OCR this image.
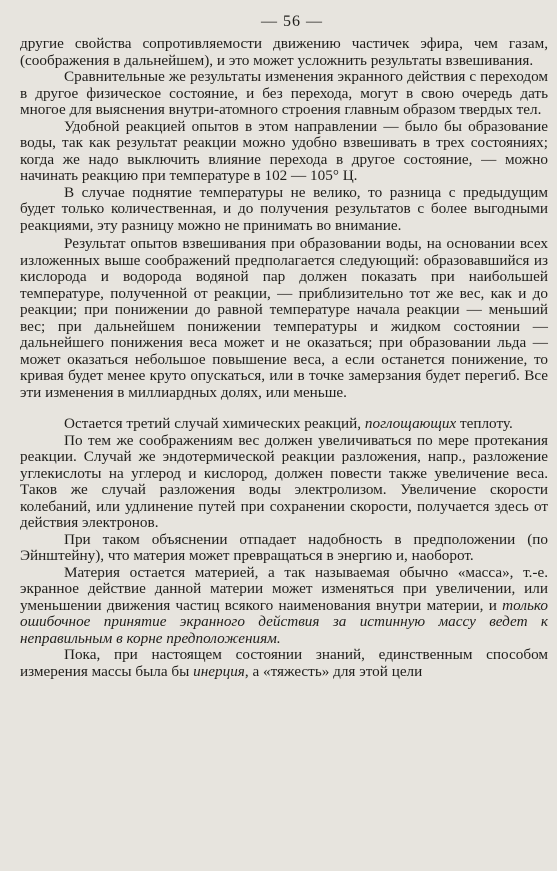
— 56 —

другие свойства сопротивляемости движению частичек эфира, чем газам, (соображения в дальнейшем), и это может усложнить результаты взвешивания.

Сравнительные же результаты изменения экранного действия с переходом в другое физическое состояние, и без перехода, могут в свою очередь дать многое для выяснения внутри-атомного строения главным образом твердых тел.

Удобной реакцией опытов в этом направлении — было бы образование воды, так как результат реакции можно удобно взвешивать в трех состояниях; когда же надо выключить влияние перехода в другое состояние, — можно начинать реакцию при температуре в 102 — 105° Ц.

В случае поднятие температуры не велико, то разница с предыдущим будет только количественная, и до получения результатов с более выгодными реакциями, эту разницу можно не принимать во внимание.

Результат опытов взвешивания при образовании воды, на основании всех изложенных выше соображений предполагается следующий: образовавшийся из кислорода и водорода водяной пар должен показать при наибольшей температуре, полученной от реакции, — приблизительно тот же вес, как и до реакции; при понижении до равной температуре начала реакции — меньший вес; при дальнейшем понижении температуры и жидком состоянии — дальнейшего понижения веса может и не оказаться; при образовании льда — может оказаться небольшое повышение веса, а если останется понижение, то кривая будет менее круто опускаться, или в точке замерзания будет перегиб. Все эти изменения в миллиардных долях, или меньше.

Остается третий случай химических реакций, поглощающих теплоту.

По тем же соображениям вес должен увеличиваться по мере протекания реакции. Случай же эндотермической реакции разложения, напр., разложение углекислоты на углерод и кислород, должен повести также увеличение веса. Таков же случай разложения воды электролизом. Увеличение скорости колебаний, или удлинение путей при сохранении скорости, получается здесь от действия электронов.

При таком объяснении отпадает надобность в предположении (по Эйнштейну), что материя может превращаться в энергию и, наоборот.

Материя остается материей, а так называемая обычно «масса», т.-е. экранное действие данной материи может изменяться при увеличении, или уменьшении движения частиц всякого наименования внутри материи, и только ошибочное принятие экранного действия за истинную массу ведет к неправильным в корне предположениям.

Пока, при настоящем состоянии знаний, единственным способом измерения массы была бы инерция, а «тяжесть» для этой цели
